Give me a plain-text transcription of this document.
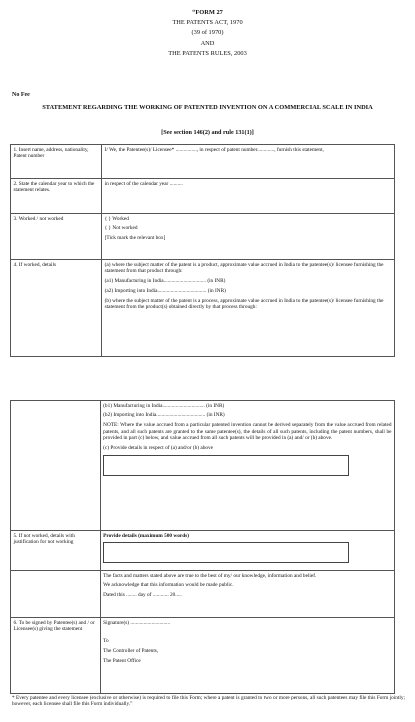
“FORM 27
THE PATENTS ACT, 1970
(39 of 1970)
AND
THE PATENTS RULES, 2003
No Fee
STATEMENT REGARDING THE WORKING OF PATENTED INVENTION ON A COMMERCIAL SCALE IN INDIA
[See section 146(2) and rule 131(1)]
1. Insert name, address, nationality, Patent number	I/ We, the Patentee(s)/ Licensee* ................, in respect of patent number............., furnish this statement,
2. State the calendar year to which the statement relates.	in respect of the calendar year ..........
3. Worked / not worked	{ } Worked

{ } Not worked

[Tick mark the relevant box]

4. If worked, details	(a) where the subject matter of the patent is a product, approximate value accrued in India to the patentee(s)/ licensee furnishing the statement from that product through:

(a1) Manufacturing in India................................ (in INR)

(a2) Importing into India..................................... (in INR)

(b) where the subject matter of the patent is a process, approximate value accrued in India to the patentee(s)/ licensee furnishing the statement from the product(s) obtained directly by that process through:

	(b1) Manufacturing in India................................ (in INR)

(b2) Importing into India..................................... (in INR)

NOTE: Where the value accrued from a particular patented invention cannot be derived separately from the value accrued from related patents, and all such patents are granted to the same patentee(s), the details of all such patents, including the patent numbers, shall be provided in part (c) below, and value accrued from all such patents will be provided in (a) and/ or (b) above.

(c) Provide details in respect of (a) and/or (b) above

5. If not worked, details with justification for not working	Provide details (maximum 500 words)

	The facts and matters stated above are true to the best of my/ our knowledge, information and belief.

We acknowledge that this information would be made public.

Dated this ........ day of ............ 20.....

6. To be signed by Patentee(s) and / or Licensee(s) giving the statement	Signature(s) ..............................

To

The Controller of Patents,

The Patent Office

* Every patentee and every licensee (exclusive or otherwise) is required to file this Form; where a patent is granted to two or more persons, all such patentees may file this Form jointly; however, each licensee shall file this Form individually.”
